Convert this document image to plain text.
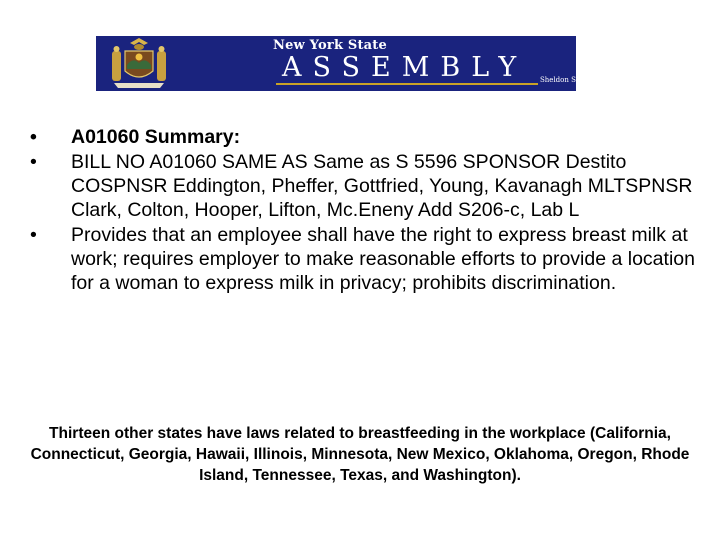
New York State
ASSEMBLY Sheldon Silver - Speaker
• A01060 Summary:
• BILL NO A01060 SAME AS Same as S 5596 SPONSOR Destito COSPNSR Eddington, Pheffer, Gottfried, Young, Kavanagh MLTSPNSR Clark, Colton, Hooper, Lifton, Mc.Eneny Add S206-c, Lab L
• Provides that an employee shall have the right to express breast milk at work; requires employer to make reasonable efforts to provide a location for a woman to express milk in privacy; prohibits discrimination.
Thirteen other states have laws related to breastfeeding in the workplace (California, Connecticut, Georgia, Hawaii, Illinois, Minnesota, New Mexico, Oklahoma, Oregon, Rhode Island, Tennessee, Texas, and Washington).
